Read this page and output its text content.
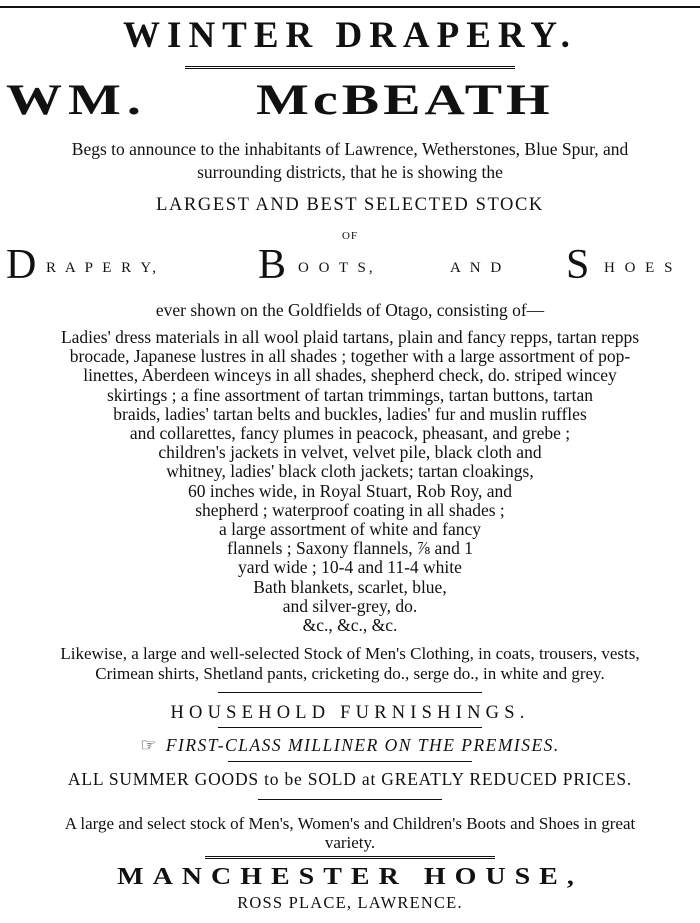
WINTER DRAPERY.
WM. McBEATH
Begs to announce to the inhabitants of Lawrence, Wetherstones, Blue Spur, and
surrounding districts, that he is showing the
LARGEST AND BEST SELECTED STOCK
OF
D R A P E R Y, B O O T S,	A N D S H O E S
ever shown on the Goldfields of Otago, consisting of—
Ladies' dress materials in all wool plaid tartans, plain and fancy repps, tartan repps
brocade, Japanese lustres in all shades ; together with a large assortment of pop-
linettes, Aberdeen winceys in all shades, shepherd check, do. striped wincey
skirtings ; a fine assortment of tartan trimmings, tartan buttons, tartan
braids, ladies' tartan belts and buckles, ladies' fur and muslin ruffles
and collarettes, fancy plumes in peacock, pheasant, and grebe ;
children's jackets in velvet, velvet pile, black cloth and
whitney, ladies' black cloth jackets; tartan cloakings,
60 inches wide, in Royal Stuart, Rob Roy, and
shepherd ; waterproof coating in all shades ;
a large assortment of white and fancy
flannels ; Saxony flannels, ⅞ and 1
yard wide ; 10-4 and 11-4 white
Bath blankets, scarlet, blue,
and silver-grey, do.
&c., &c., &c.
Likewise, a large and well-selected Stock of Men's Clothing, in coats, trousers, vests,
Crimean shirts, Shetland pants, cricketing do., serge do., in white and grey.
HOUSEHOLD FURNISHINGS.
☞ FIRST-CLASS MILLINER ON THE PREMISES.
ALL SUMMER GOODS to be SOLD at GREATLY REDUCED PRICES.
A large and select stock of Men's, Women's and Children's Boots and Shoes in great
variety.
MANCHESTER HOUSE,
ROSS PLACE, LAWRENCE.
